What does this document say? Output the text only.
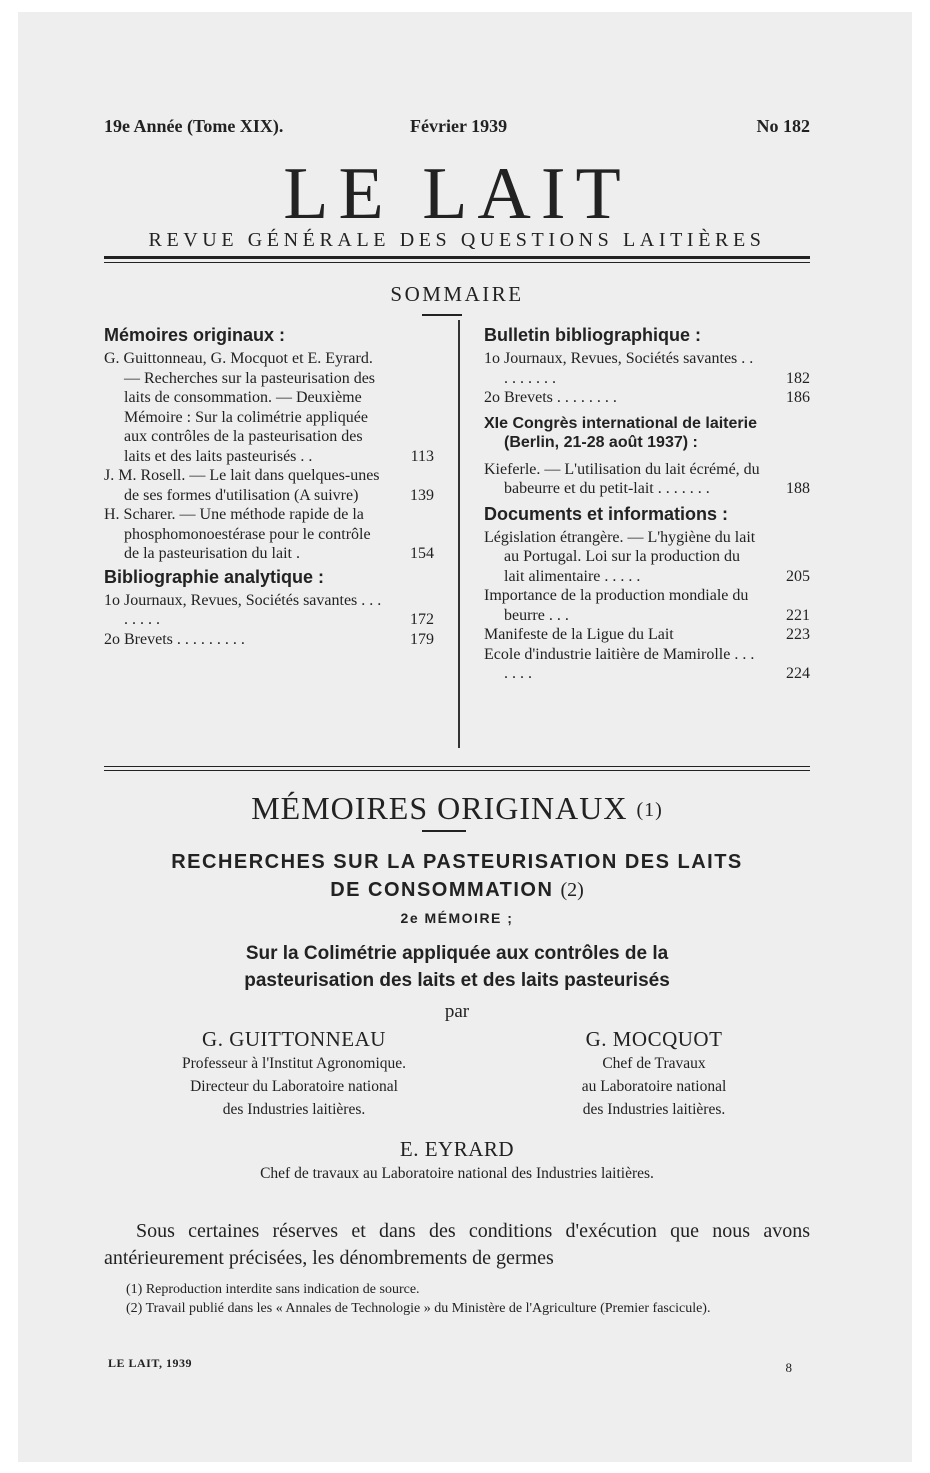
19e Année (Tome XIX).	Février 1939	No 182
LE LAIT
REVUE GÉNÉRALE DES QUESTIONS LAITIÈRES
SOMMAIRE
Mémoires originaux :
G. Guittonneau, G. Mocquot et E. Eyrard. — Recherches sur la pasteurisation des laits de consommation. — Deuxième Mémoire : Sur la colimétrie appliquée aux contrôles de la pasteurisation des laits et des laits pasteurisés . .	113
J. M. Rosell. — Le lait dans quelques-unes de ses formes d'utilisation (A suivre)	139
H. Scharer. — Une méthode rapide de la phosphomonoestérase pour le contrôle de la pasteurisation du lait .	154
Bibliographie analytique :
1o Journaux, Revues, Sociétés savantes . . . . . . . .	172
2o Brevets . . . . . . . . .	179
Bulletin bibliographique :
1o Journaux, Revues, Sociétés savantes . . . . . . . . .	182
2o Brevets . . . . . . . .	186
XIe Congrès international de laiterie (Berlin, 21-28 août 1937) :
Kieferle. — L'utilisation du lait écrémé, du babeurre et du petit-lait . . . . . . .	188
Documents et informations :
Législation étrangère. — L'hygiène du lait au Portugal. Loi sur la production du lait alimentaire . . . . .	205
Importance de la production mondiale du beurre . . .	221
Manifeste de la Ligue du Lait	223
Ecole d'industrie laitière de Mamirolle . . . . . . .	224
MÉMOIRES ORIGINAUX (1)
RECHERCHES SUR LA PASTEURISATION DES LAITS
DE CONSOMMATION (2)
2e MÉMOIRE ;
Sur la Colimétrie appliquée aux contrôles de la
pasteurisation des laits et des laits pasteurisés
par
G. GUITTONNEAU
Professeur à l'Institut Agronomique.
Directeur du Laboratoire national
des Industries laitières.
G. MOCQUOT
Chef de Travaux
au Laboratoire national
des Industries laitières.
E. EYRARD
Chef de travaux au Laboratoire national des Industries laitières.

Sous certaines réserves et dans des conditions d'exécution que nous avons antérieurement précisées, les dénombrements de germes

(1) Reproduction interdite sans indication de source.
(2) Travail publié dans les « Annales de Technologie » du Ministère de l'Agriculture (Premier fascicule).
LE LAIT, 1939	8
